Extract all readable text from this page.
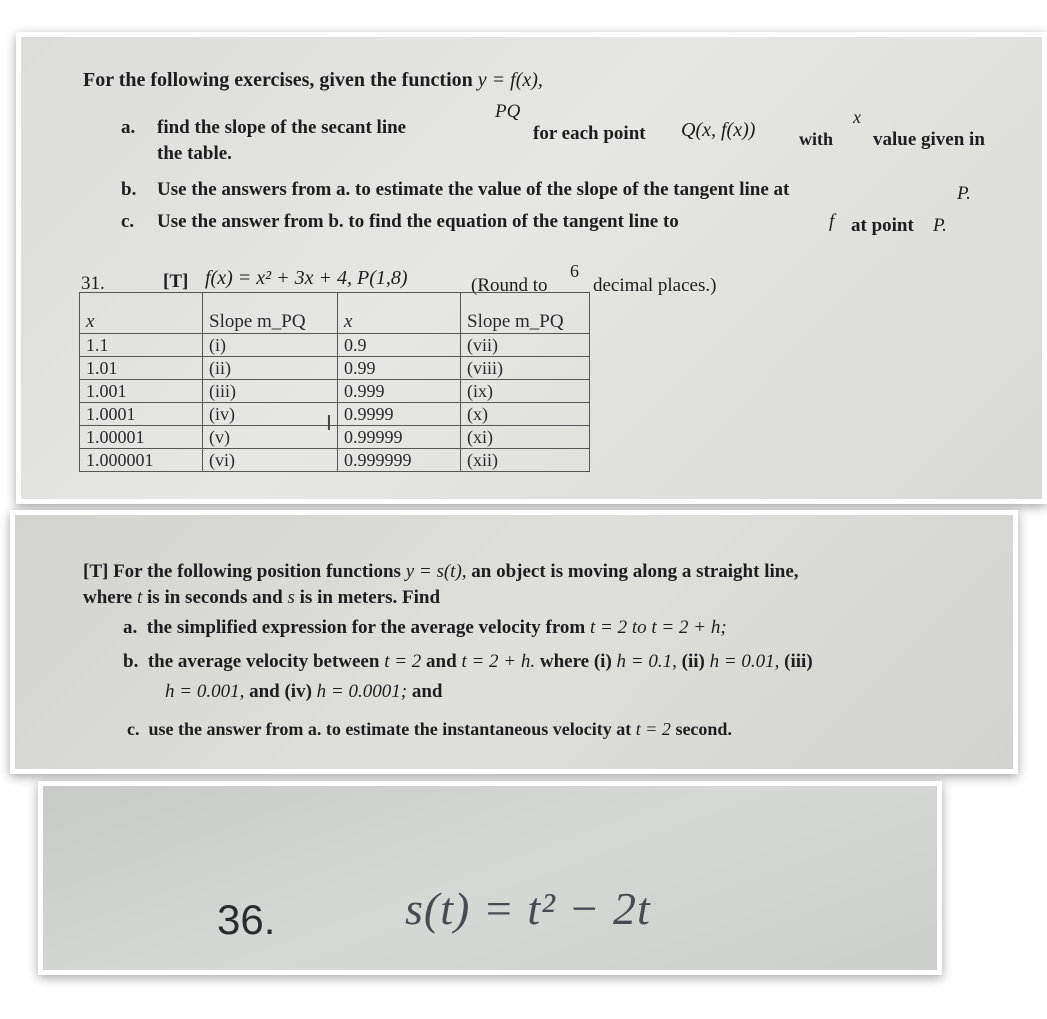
For the following exercises, given the function y = f(x),
a. find the slope of the secant line
PQ
for each point Q(x, f(x)) with
x
value given in
the table.
b. Use the answers from a. to estimate the value of the slope of the tangent line at	P.
c. Use the answer from b. to find the equation of the tangent line to	f at point P.
31.	[T] f(x) = x² + 3x + 4, P(1,8)	(Round to
6
decimal places.)
x	Slope m_PQ	x	Slope m_PQ
1.1	(i)	0.9	(vii)
1.01	(ii)	0.99	(viii)
1.001	(iii)	0.999	(ix)
1.0001	(iv)	0.9999	(x)
1.00001	(v)	0.99999	(xi)
1.000001	(vi)	0.999999	(xii)
I
[T] For the following position functions y = s(t), an object is moving along a straight line,
where t is in seconds and s is in meters. Find
a. the simplified expression for the average velocity from t = 2 to t = 2 + h;
b. the average velocity between t = 2 and t = 2 + h. where (i) h = 0.1, (ii) h = 0.01, (iii)
h = 0.001, and (iv) h = 0.0001; and
c. use the answer from a. to estimate the instantaneous velocity at t = 2 second.
36.	s(t) = t² − 2t
